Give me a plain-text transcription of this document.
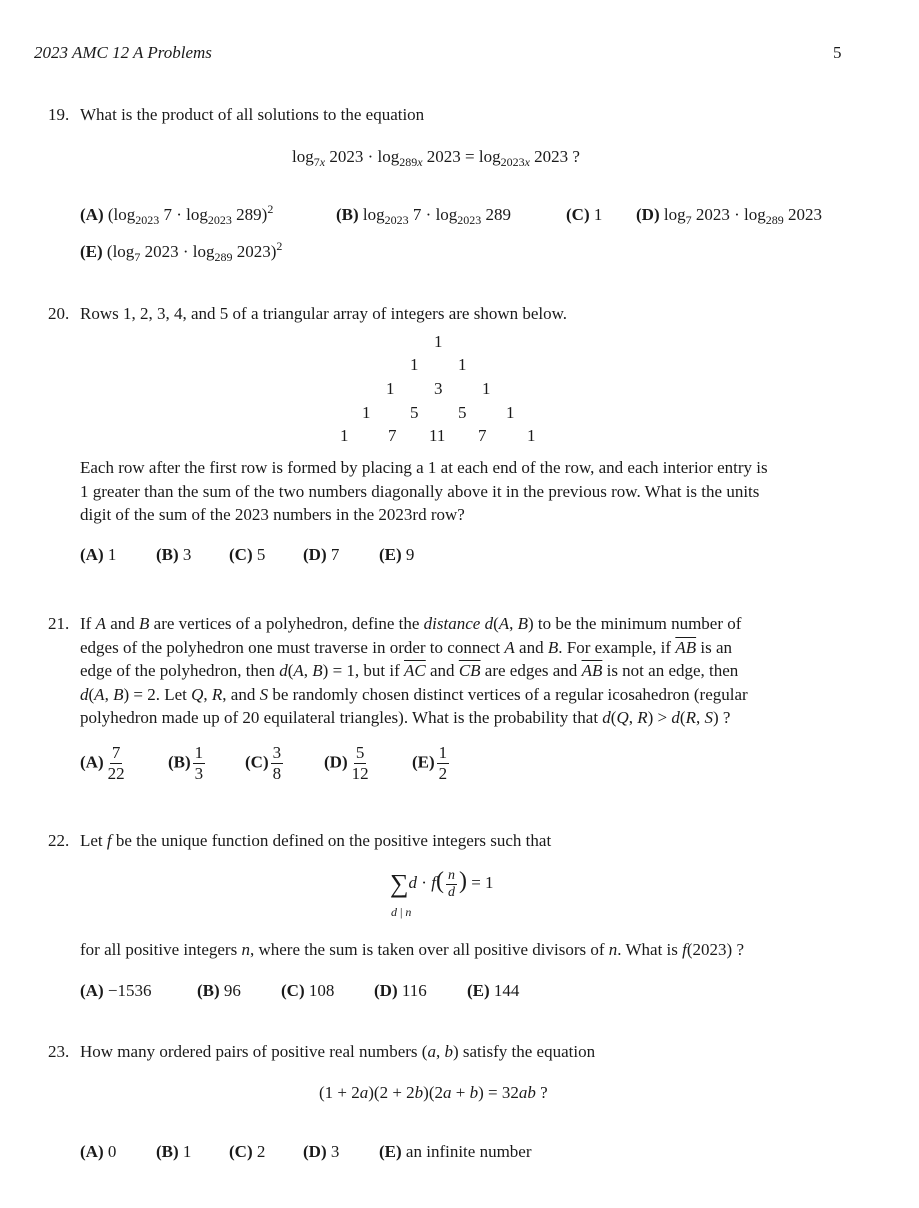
2023 AMC 12 A Problems	5
19. What is the product of all solutions to the equation
$\log_{7x} 2023 \cdot \log_{289x} 2023 = \log_{2023x} 2023$ ?
(A) ($\log_{2023}$ $7 \cdot \log_{2023} 289)^2$	(B) $\log_{2023} 7 \cdot \log_{2023} 289$	(C) 1 (D) $\log_7 2023 \cdot \log_{289} 2023$
(E) ($\log_7$ $2023 \cdot \log_{289} 2023)^2$
20. Rows 1, 2, 3, 4, and 5 of a triangular array of integers are shown below.
1
1 1
1 3 1
1 5 5 1
1 7 11 7 1
Each row after the first row is formed by placing a 1 at each end of the row, and each interior entry is
1 greater than the sum of the two numbers diagonally above it in the previous row. What is the units
digit of the sum of the 2023 numbers in the 2023rd row?
(A) 1 (B) 3 (C) 5 (D) 7 (E) 9
21. If A and B are vertices of a polyhedron, define the distance d(A, B) to be the minimum number of
edges of the polyhedron one must traverse in order to connect A and B. For example, if $\overline{AB}$ is an
edge of the polyhedron, then d(A, B) = 1, but if $\overline{AC}$ and $\overline{CB}$ are edges and $\overline{AB}$ is not an edge, then
d(A, B) = 2. Let Q, R, and S be randomly chosen distinct vertices of a regular icosahedron (regular
polyhedron made up of 20 equilateral triangles). What is the probability that d(Q, R) > d(R, S) ?
$(A) \frac{7}{22} (B) \frac{1}{3} (C) \frac{3}{8} (D) \frac{5}{12} (E) \frac{1}{2}$
22. Let f be the unique function defined on the positive integers such that
$\sum d \cdot f( \frac{n}{d}$ ) = 1
d | n
for all positive integers n, where the sum is taken over all positive divisors of n. What is f(2023) ?
(A) −1536	(B) 96 (C) 108 (D) 116 (E) 144
23. How many ordered pairs of positive real numbers (a, b) satisfy the equation
(1 + 2a)(2 + 2b)(2a + b) = 32ab ?
(A) 0 (B) 1 (C) 2 (D) 3 (E) an infinite number
